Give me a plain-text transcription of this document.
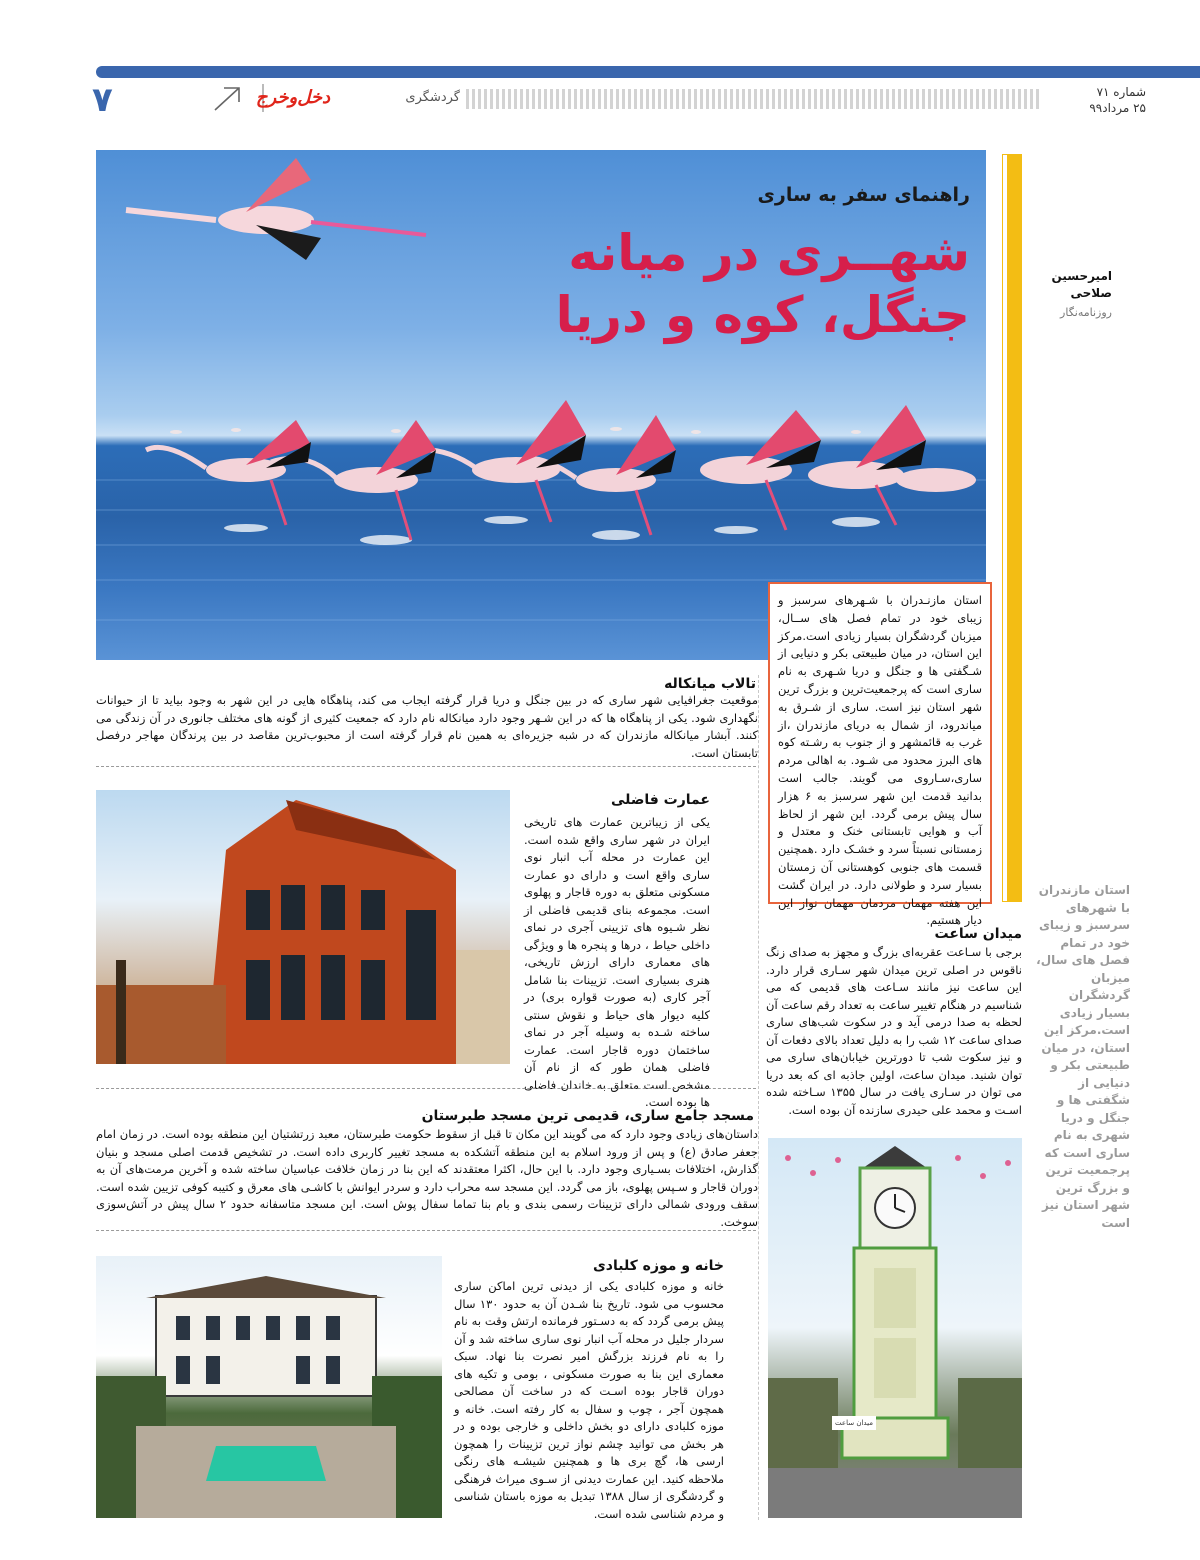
۷	دخل‌وخرج	گردشگری	شماره ۷۱
۲۵ مرداد۹۹
راهنمای سفر به ساری
شهــری در میانه
جنگل، کوه و دریا
امیرحسین صلاحی
روزنامه‌نگار

استان مازنـدران با شـهرهای سرسبز و زیبای خود در تمام فصل های ســال، میزبان گردشگران بسیار زیادی است.مرکز این استان، در میان طبیعتی بکر و دنیایی از شـگفتی ها و جنگل و دریا شـهری به نام ساری است که پرجمعیت‌ترین و بزرگ ترین شهر استان نیز است. ساری از شـرق به میاندرود، از شمال به دریای مازندران ،از غرب به قائمشهر و از جنوب به رشـته کوه های البرز محدود می شـود. به اهالی مردم ساری،سـاروی می گویند. جالب است بدانید قدمت این شهر سرسبز به ۶ هزار سال پیش برمی گردد. این شهر از لحاظ آب و هوایی تابستانی خنک و معتدل و زمستانی نسبتاً سرد و خشـک دارد .همچنین قسمت های جنوبی کوهستانی آن زمستان بسیار سرد و طولانی دارد. در ایران گشت این هفته مهمان مردمان مهمان نواز این دیار هستیم.

استان مازندران با شهرهای سرسبز و زیبای خود در تمام فصل های سال، میزبان گردشگران بسیار زیادی است.مرکز این استان، در میان طبیعتی بکر و دنیایی از شگفتی ها و جنگل و دریا شهری به نام ساری است که پرجمعیت ترین و بزرگ ترین شهر استان نیز است
تالاب میانکاله
موقعیت جغرافیایی شهر ساری که در بین جنگل و دریا قرار گرفته ایجاب می کند، پناهگاه هایی در این شهر به وجود بیاید تا از حیوانات نگهداری شود. یکی از پناهگاه ها که در این شـهر وجود دارد میانکاله نام دارد که جمعیت کثیری از گونه های مختلف جانوری در آن زندگی می کنند. آبشار میانکاله مازندران که در شبه جزیره‌ای به همین نام قرار گرفته است از محبوب‌ترین مقاصد در بین پرندگان مهاجر درفصل تابستان است.
عمارت فاضلی
یکی از زیباترین عمارت های تاریخی ایران در شهر ساری واقع شده است. این عمارت در محله آب انبار نوی ساری واقع است و دارای دو عمارت مسکونی متعلق به دوره قاجار و پهلوی است. مجموعه بنای قدیمی فاضلی از نظر شـیوه های تزیینی آجری در نمای داخلی حیاط ، درها و پنجره ها و ویژگی های معماری دارای ارزش تاریخی، هنری بسیاری است. تزیینات بنا شامل آجر کاری (به صورت قواره بری) در کلیه دیوار های حیاط و نقوش سنتی ساخته شـده به وسیله آجر در نمای ساختمان دوره قاجار است. عمارت فاضلی همان طور که از نام آن مشخص است متعلق به خاندان فاضلی ها بوده است.
میدان ساعت
برجی با سـاعت عقربه‌ای بزرگ و مجهز به صدای زنگ ناقوس در اصلی ترین میدان شهر سـاری قرار دارد. این ساعت نیز مانند سـاعت های قدیمی که می شناسیم در هنگام تغییر ساعت به تعداد رقم ساعت آن لحظه به صدا درمی آید و در سکوت شب‌های ساری صدای ساعت ۱۲ شب را به دلیل تعداد بالای دفعات آن و نیز سکوت شب تا دورترین خیابان‌های ساری می توان شنید. میدان ساعت، اولین جاذبه ای که بعد دریا می توان در سـاری یافت در سال ۱۳۵۵ سـاخته شده اسـت و محمد علی حیدری سازنده آن بوده است.
میدان ساعت
مسجد جامع ساری، قدیمی ترین مسجد طبرستان
داستان‌های زیادی وجود دارد که می گویند این مکان تا قبل از سقوط حکومت طبرستان، معبد زرتشتیان این منطقه بوده است. در زمان امام جعفر صادق (ع) و پس از ورود اسلام به این منطقه آتشکده به مسجد تغییر کاربری داده است. در تشخیص قدمت اصلی مسجد و بنیان گذارش، اختلافات بسـیاری وجود دارد. با این حال، اکثرا معتقدند که این بنا در زمان خلافت عباسیان ساخته شده و آخرین مرمت‌های آن به دوران قاجار و سـپس پهلوی، باز می گردد. این مسجد سه محراب دارد و سردر ایوانش با کاشـی های معرق و کتیبه کوفی تزیین شده است. سقف ورودی شمالی دارای تزیینات رسمی بندی و بام بنا تماما سفال پوش است. این مسجد متاسفانه حدود ۲ سال پیش در آتش‌سوزی سوخت.
خانه و موزه کلبادی
خانه و موزه کلبادی یکی از دیدنی ترین اماکن ساری محسوب می شود. تاریخ بنا شـدن آن به حدود ۱۳۰ سال پیش برمی گردد که به دسـتور فرمانده ارتش وقت به نام سردار جلیل در محله آب انبار نوی ساری ساخته شد و آن را به نام فرزند بزرگش امیر نصرت بنا نهاد. سبک معماری این بنا به صورت مسکونی ، بومی و تکیه های دوران قاجار بوده اسـت که در ساخت آن مصالحی همچون آجر ، چوب و سفال به کار رفته است. خانه و موزه کلبادی دارای دو بخش داخلی و خارجی بوده و در هر بخش می توانید چشم نواز ترین تزیینات را همچون ارسی ها، گچ بری ها و همچنین شیشـه های رنگی ملاحظه کنید. این عمارت دیدنی از سـوی میراث فرهنگی و گردشگری از سال ۱۳۸۸ تبدیل به موزه باستان شناسی و مردم شناسی شده است.
